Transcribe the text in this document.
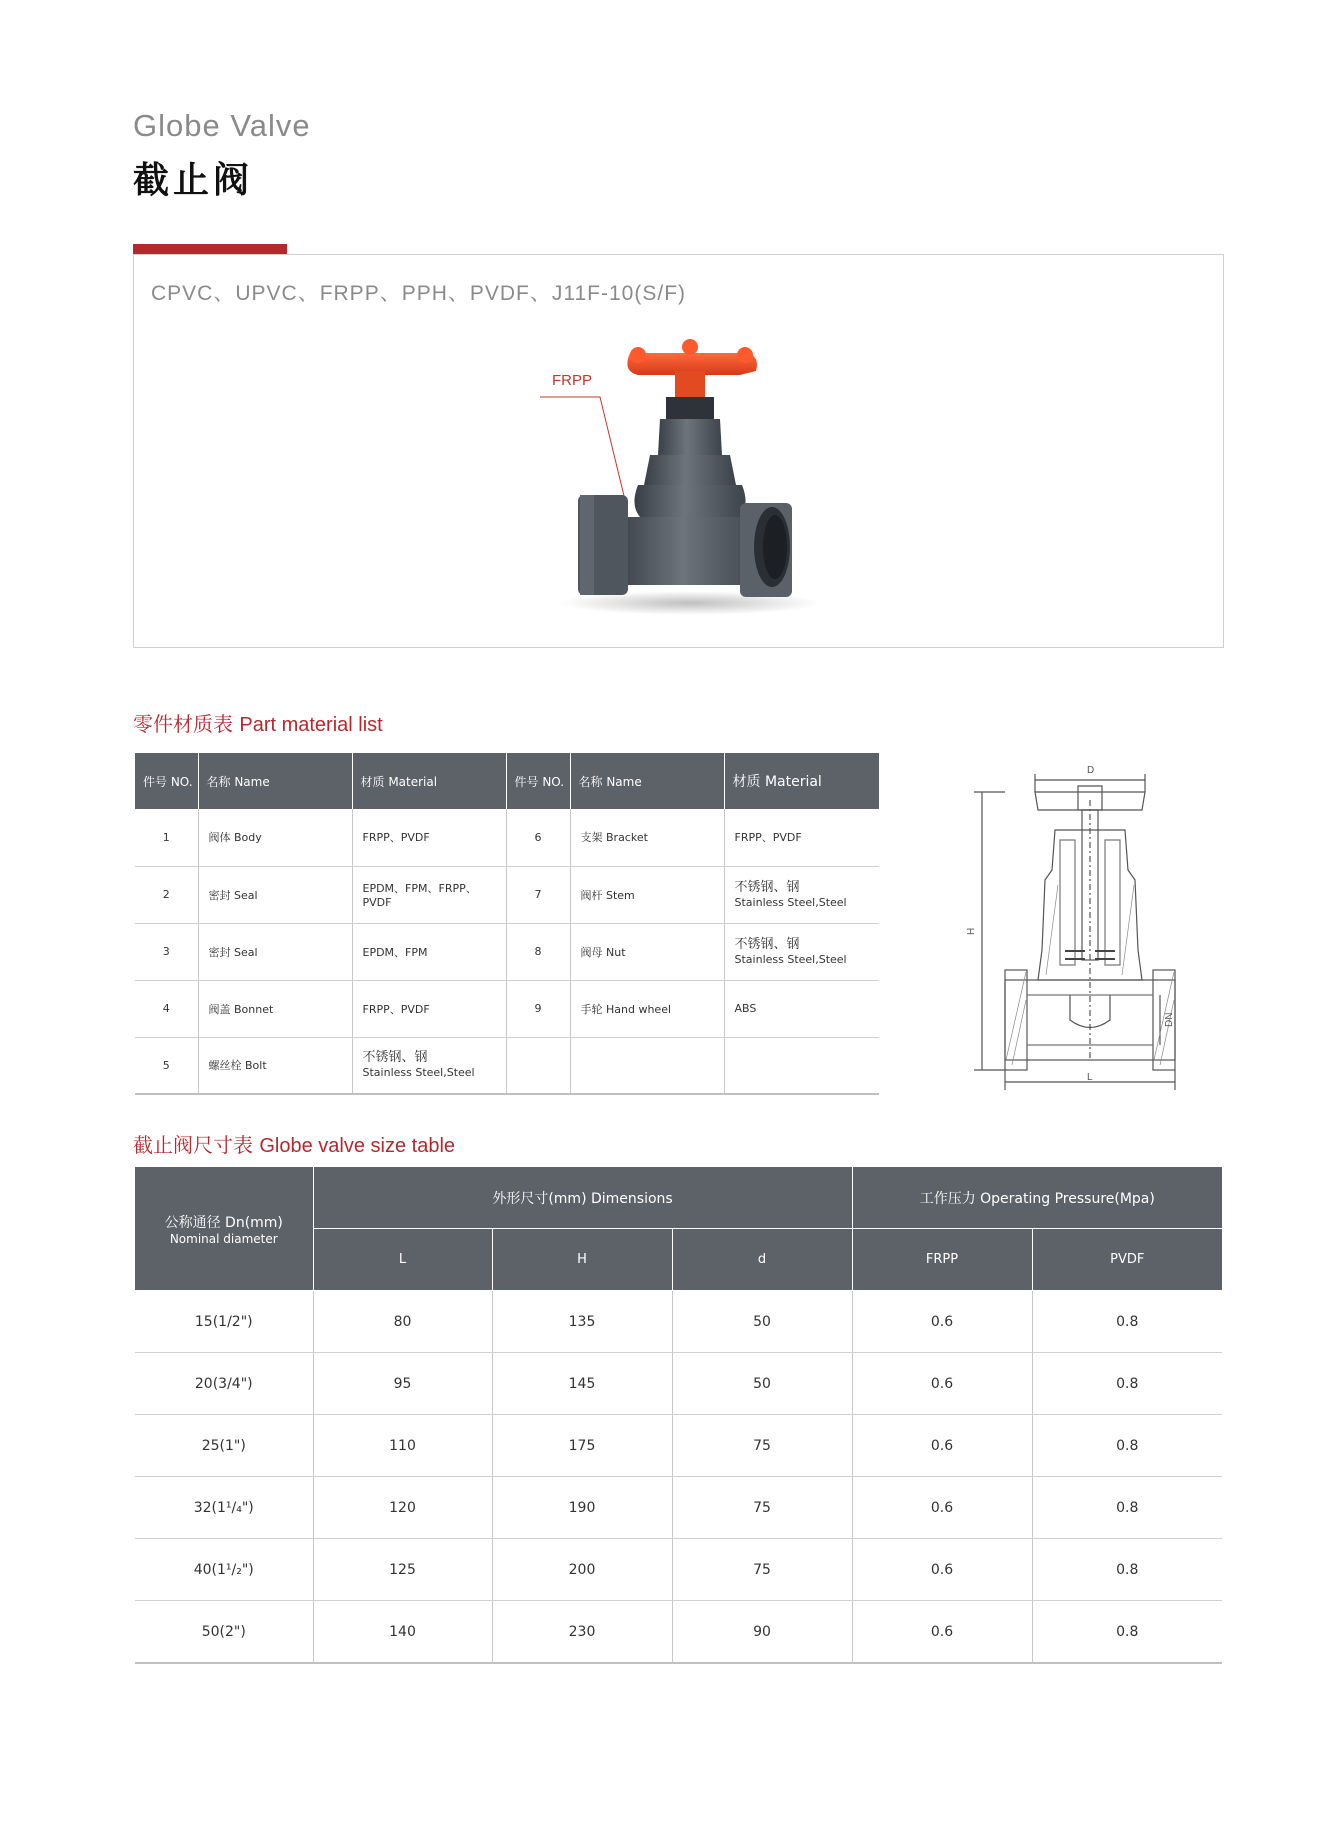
Globe Valve
截止阀
CPVC、UPVC、FRPP、PPH、PVDF、J11F-10(S/F)
FRPP
零件材质表 Part material list
件号 NO.	名称 Name	材质 Material	件号 NO.	名称 Name	材质 Material
1	阀体 Body	FRPP、PVDF	6	支架 Bracket	FRPP、PVDF
2	密封 Seal	EPDM、FPM、FRPP、PVDF	7	阀杆 Stem	不锈钢、钢
Stainless Steel,Steel

3	密封 Seal	EPDM、FPM	8	阀母 Nut	不锈钢、钢
Stainless Steel,Steel

4	阀盖 Bonnet	FRPP、PVDF	9	手轮 Hand wheel	ABS
5	螺丝栓 Bolt	不锈钢、钢
Stainless Steel,Steel			

D
H
DN
L
截止阀尺寸表 Globe valve size table
公称通径 Dn(mm)
Nominal diameter	外形尺寸(mm) Dimensions			工作压力 Operating Pressure(Mpa)	
	L	H	d	FRPP	PVDF
15(1/2")	80	135	50	0.6	0.8
20(3/4")	95	145	50	0.6	0.8
25(1")	110	175	75	0.6	0.8
32(1¹/₄")	120	190	75	0.6	0.8
40(1¹/₂")	125	200	75	0.6	0.8
50(2")	140	230	90	0.6	0.8
